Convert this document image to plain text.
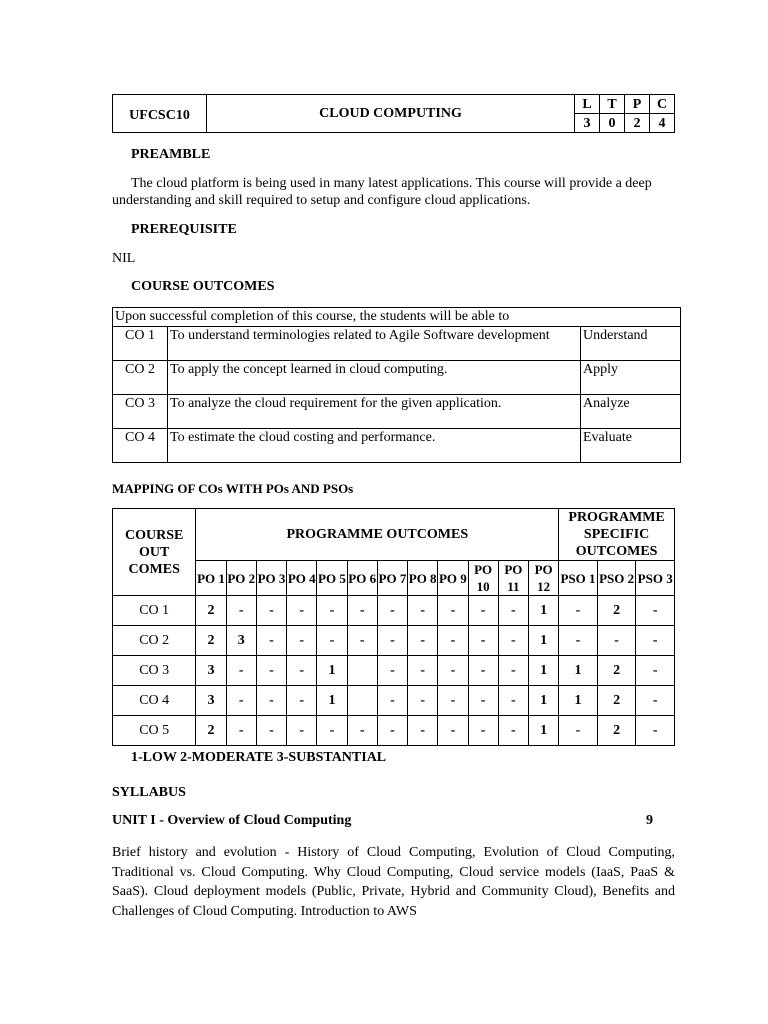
UFCSC10	CLOUD COMPUTING	L	T	P	C
		3	0	2	4
PREAMBLE
The cloud platform is being used in many latest applications. This course will provide a deep understanding and skill required to setup and configure cloud applications.
PREREQUISITE
NIL
COURSE OUTCOMES
Upon successful completion of this course, the students will be able to		
CO 1	To understand terminologies related to Agile Software development	Understand
CO 2	To apply the concept learned in cloud computing.	Apply
CO 3	To analyze the cloud requirement for the given application.	Analyze
CO 4	To estimate the cloud costing and performance.	Evaluate
MAPPING OF COs WITH POs AND PSOs
COURSE OUT COMES	PROGRAMME OUTCOMES												PROGRAMME SPECIFIC OUTCOMES		
	PO 1	PO 2	PO 3	PO 4	PO 5	PO 6	PO 7	PO 8	PO 9	PO 10	PO 11	PO 12	PSO 1	PSO 2	PSO 3
CO 1	2	-	-	-	-	-	-	-	-	-	-	1	-	2	-
CO 2	2	3	-	-	-	-	-	-	-	-	-	1	-	-	-
CO 3	3	-	-	-	1		-	-	-	-	-	1	1	2	-
CO 4	3	-	-	-	1		-	-	-	-	-	1	1	2	-
CO 5	2	-	-	-	-	-	-	-	-	-	-	1	-	2	-
1-LOW 2-MODERATE 3-SUBSTANTIAL
SYLLABUS
UNIT I - Overview of Cloud Computing	9
Brief history and evolution - History of Cloud Computing, Evolution of Cloud Computing, Traditional vs. Cloud Computing. Why Cloud Computing, Cloud service models (IaaS, PaaS & SaaS). Cloud deployment models (Public, Private, Hybrid and Community Cloud), Benefits and Challenges of Cloud Computing. Introduction to AWS
